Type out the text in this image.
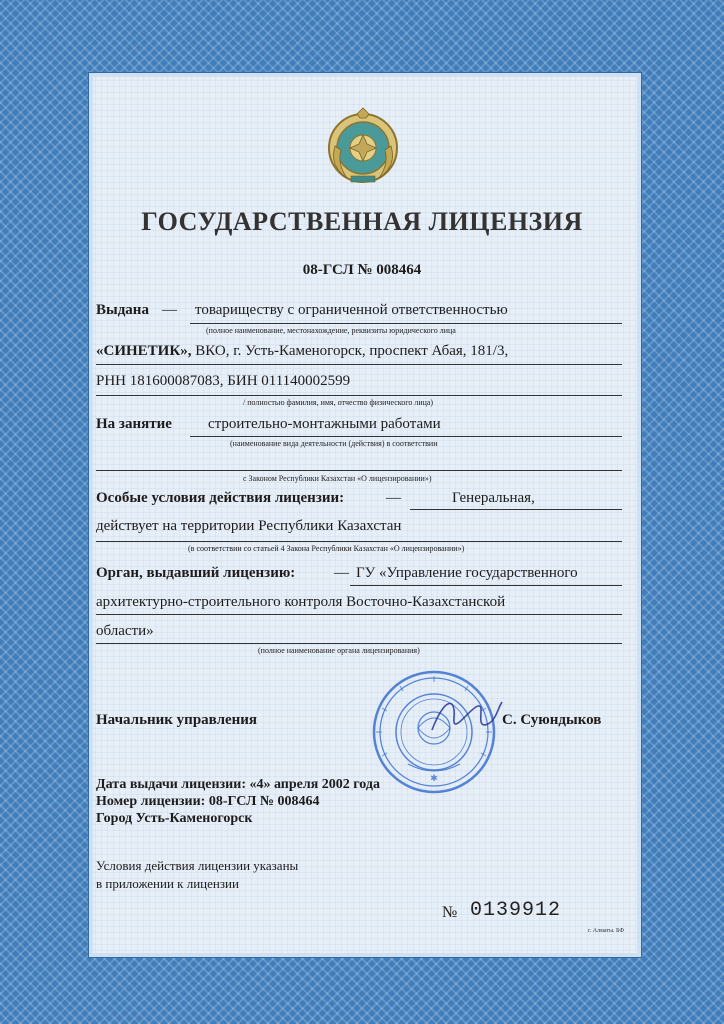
ГОСУДАРСТВЕННАЯ ЛИЦЕНЗИЯ
08-ГСЛ № 008464
Выдана — товариществу с ограниченной ответственностью
(полное наименование, местонахождение, реквизиты юридического лица
«СИНЕТИК», ВКО, г. Усть-Каменогорск, проспект Абая, 181/3,
РНН 181600087083, БИН 011140002599
/ полностью фамилия, имя, отчество физического лица)
На занятие строительно-монтажными работами
(наименование вида деятельности (действия) в соответствии
с Законом Республики Казахстан «О лицензировании»)
Особые условия действия лицензии:	—	Генеральная,
действует на территории Республики Казахстан
(в соответствии со статьей 4 Закона Республики Казахстан «О лицензировании»)
Орган, выдавший лицензию:	— ГУ «Управление государственного
архитектурно-строительного контроля Восточно-Казахстанской
области»
(полное наименование органа лицензирования)
Начальник управления	С. Суюндыков
✱
Дата выдачи лицензии: «4» апреля 2002 года
Номер лицензии: 08-ГСЛ № 008464
Город Усть-Каменогорск
Условия действия лицензии указаны
в приложении к лицензии
№ 0139912
г. Алматы. БФ
